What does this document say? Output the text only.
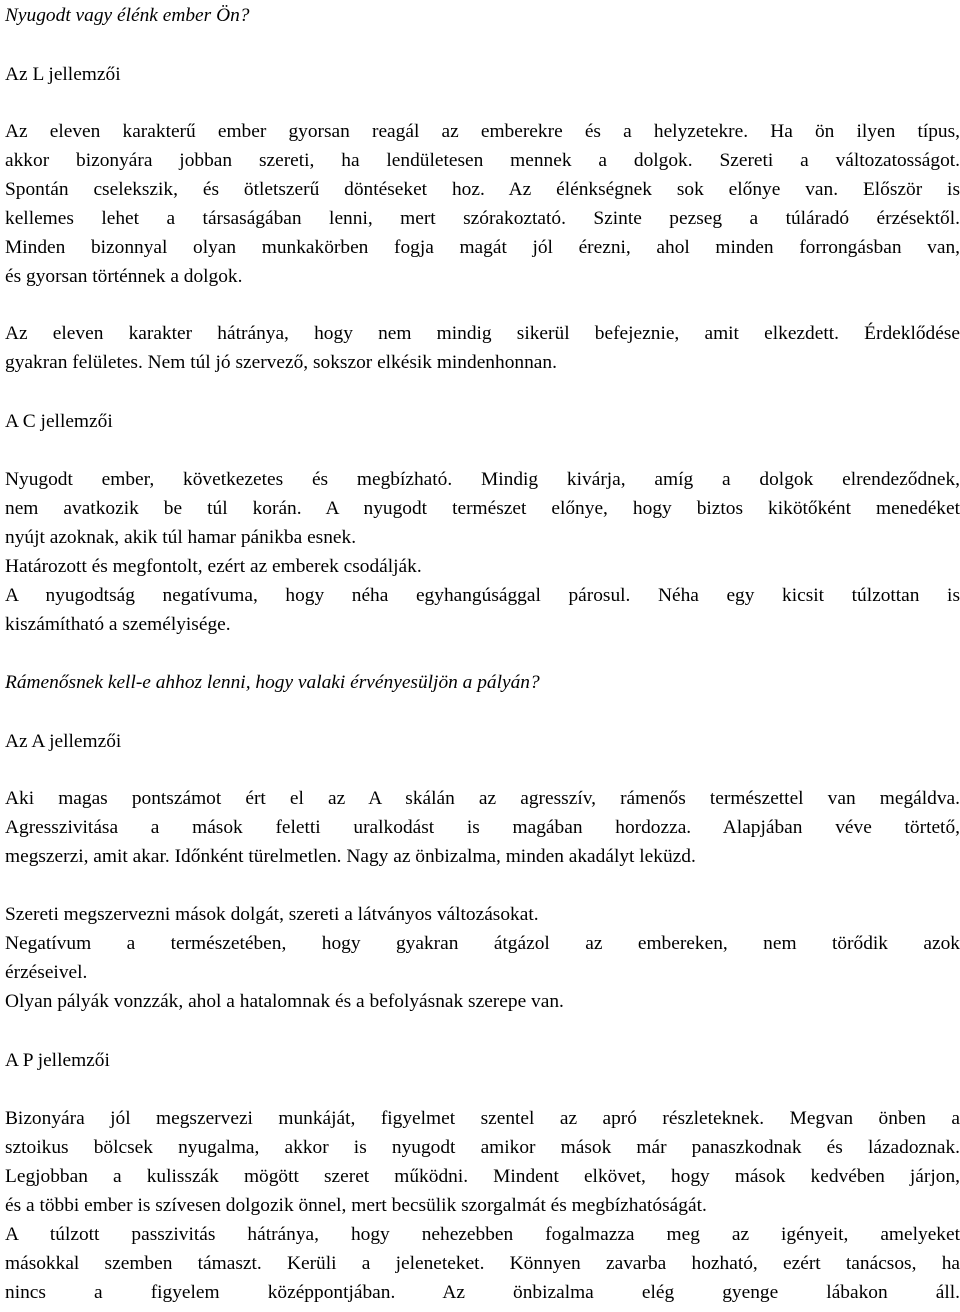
Nyugodt vagy élénk ember Ön?
Az L jellemzői
Az eleven karakterű ember gyorsan reagál az emberekre és a helyzetekre. Ha ön ilyen típus,
akkor bizonyára jobban szereti, ha lendületesen mennek a dolgok. Szereti a változatosságot.
Spontán cselekszik, és ötletszerű döntéseket hoz. Az élénkségnek sok előnye van. Először is
kellemes lehet a társaságában lenni, mert szórakoztató. Szinte pezseg a túláradó érzésektől.
Minden bizonnyal olyan munkakörben fogja magát jól érezni, ahol minden forrongásban van,
és gyorsan történnek a dolgok.
Az eleven karakter hátránya, hogy nem mindig sikerül befejeznie, amit elkezdett. Érdeklődése
gyakran felületes. Nem túl jó szervező, sokszor elkésik mindenhonnan.
A C jellemzői
Nyugodt ember, következetes és megbízható. Mindig kivárja, amíg a dolgok elrendeződnek,
nem avatkozik be túl korán. A nyugodt természet előnye, hogy biztos kikötőként menedéket
nyújt azoknak, akik túl hamar pánikba esnek.
Határozott és megfontolt, ezért az emberek csodálják.
A nyugodtság negatívuma, hogy néha egyhangúsággal párosul. Néha egy kicsit túlzottan is
kiszámítható a személyisége.
Rámenősnek kell-e ahhoz lenni, hogy valaki érvényesüljön a pályán?
Az A jellemzői
Aki magas pontszámot ért el az A skálán az agresszív, rámenős természettel van megáldva.
Agresszivitása a mások feletti uralkodást is magában hordozza. Alapjában véve törtető,
megszerzi, amit akar. Időnként türelmetlen. Nagy az önbizalma, minden akadályt leküzd.
Szereti megszervezni mások dolgát, szereti a látványos változásokat.
Negatívum a természetében, hogy gyakran átgázol az embereken, nem törődik azok
érzéseivel.
Olyan pályák vonzzák, ahol a hatalomnak és a befolyásnak szerepe van.
A P jellemzői
Bizonyára jól megszervezi munkáját, figyelmet szentel az apró részleteknek. Megvan önben a
sztoikus bölcsek nyugalma, akkor is nyugodt amikor mások már panaszkodnak és lázadoznak.
Legjobban a kulisszák mögött szeret működni. Mindent elkövet, hogy mások kedvében járjon,
és a többi ember is szívesen dolgozik önnel, mert becsülik szorgalmát és megbízhatóságát.
A túlzott passzivitás hátránya, hogy nehezebben fogalmazza meg az igényeit, amelyeket
másokkal szemben támaszt. Kerüli a jeleneteket. Könnyen zavarba hozható, ezért tanácsos, ha
nincs a figyelem középpontjában. Az önbizalma elég gyenge lábakon áll.
